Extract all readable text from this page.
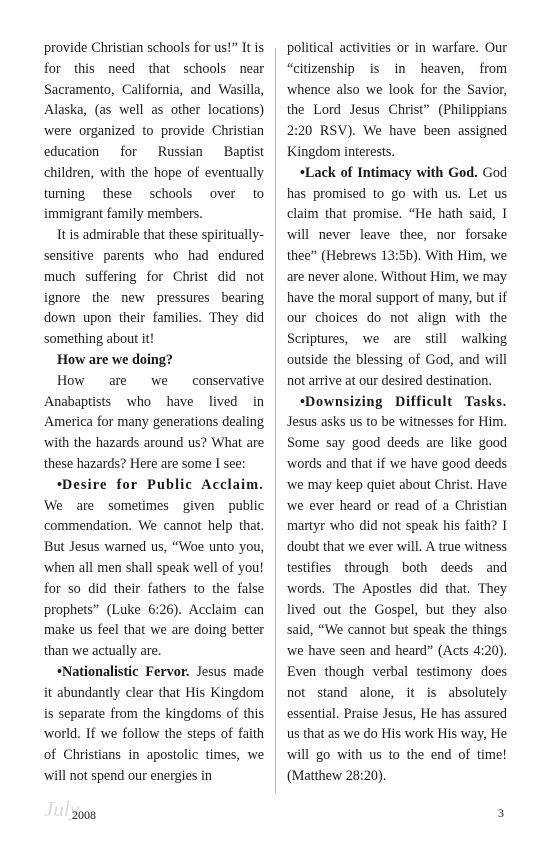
provide Christian schools for us!” It is for this need that schools near Sacramento, California, and Wasilla, Alaska, (as well as other locations) were organized to provide Christian education for Russian Baptist children, with the hope of eventually turning these schools over to immigrant family members.

It is admirable that these spiritually-sensitive parents who had endured much suffering for Christ did not ignore the new pressures bearing down upon their families. They did something about it!

How are we doing?

How are we conservative Anabaptists who have lived in America for many generations dealing with the hazards around us? What are these hazards? Here are some I see:

•Desire for Public Acclaim. We are sometimes given public commendation. We cannot help that. But Jesus warned us, “Woe unto you, when all men shall speak well of you! for so did their fathers to the false prophets” (Luke 6:26). Acclaim can make us feel that we are doing better than we actually are.

•Nationalistic Fervor. Jesus made it abundantly clear that His Kingdom is separate from the kingdoms of this world. If we follow the steps of faith of Christians in apostolic times, we will not spend our energies in

political activities or in warfare. Our “citizenship is in heaven, from whence also we look for the Savior, the Lord Jesus Christ” (Philippians 2:20 RSV). We have been assigned Kingdom interests.

•Lack of Intimacy with God. God has promised to go with us. Let us claim that promise. “He hath said, I will never leave thee, nor forsake thee” (Hebrews 13:5b). With Him, we are never alone. Without Him, we may have the moral support of many, but if our choices do not align with the Scriptures, we are still walking outside the blessing of God, and will not arrive at our desired destination.

•Downsizing Difficult Tasks. Jesus asks us to be witnesses for Him. Some say good deeds are like good words and that if we have good deeds we may keep quiet about Christ. Have we ever heard or read of a Christian martyr who did not speak his faith? I doubt that we ever will. A true witness testifies through both deeds and words. The Apostles did that. They lived out the Gospel, but they also said, “We cannot but speak the things we have seen and heard” (Acts 4:20). Even though verbal testimony does not stand alone, it is absolutely essential. Praise Jesus, He has assured us that as we do His work His way, He will go with us to the end of time! (Matthew 28:20).

July
2008	3
